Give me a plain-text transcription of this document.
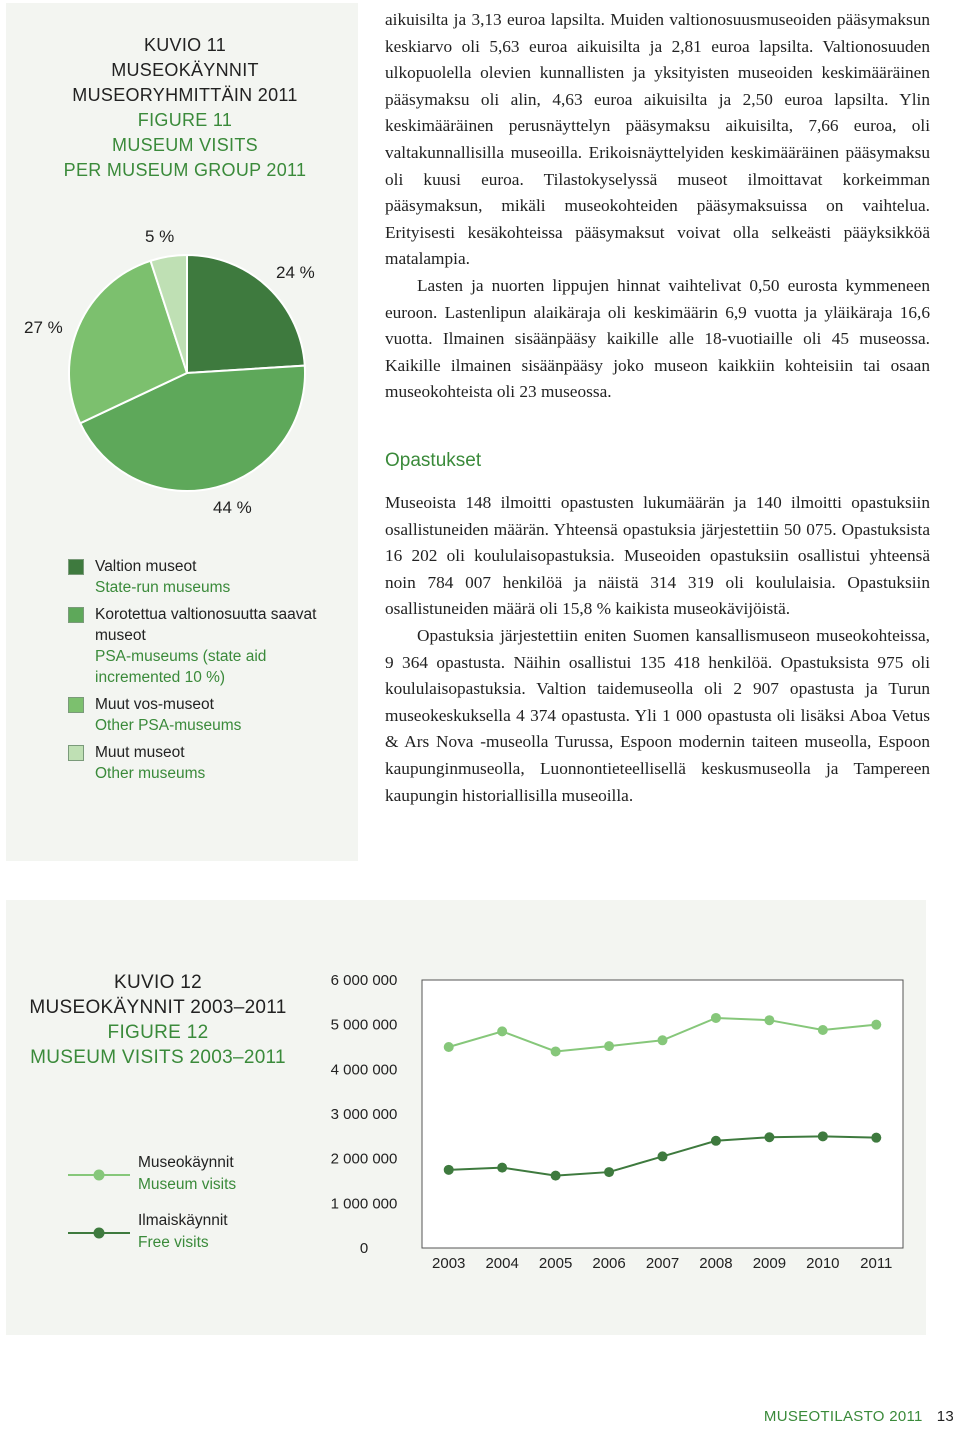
KUVIO 11
MUSEOKÄYNNIT
MUSEORYHMITTÄIN 2011
FIGURE 11
MUSEUM VISITS
PER MUSEUM GROUP 2011
24 %
44 %
27 %
5 %
Valtion museot
State-run museums
Korotettua valtionosuutta saavat museot
PSA-museums (state aid incremented 10 %)
Muut vos-museot
Other PSA-museums
Muut museot
Other museums

aikuisilta ja 3,13 euroa lapsilta. Muiden valtionosuusmuseoiden pääsymaksun keskiarvo oli 5,63 euroa aikuisilta ja 2,81 euroa lapsilta. Valtionosuuden ulkopuolella olevien kunnallisten ja yksityisten museoiden keskimääräinen pääsymaksu oli alin, 4,63 euroa aikuisilta ja 2,50 euroa lapsilta. Ylin keskimääräinen perusnäyttelyn pääsymaksu aikuisilta, 7,66 euroa, oli valtakunnallisilla museoilla. Erikoisnäyttelyiden keskimääräinen pääsymaksu oli kuusi euroa. Tilastokyselyssä museot ilmoittavat korkeimman pääsymaksun, mikäli museokohteiden pääsymaksuissa on vaihtelua. Erityisesti kesäkohteissa pääsymaksut voivat olla selkeästi pääyksikköä matalampia.

Lasten ja nuorten lippujen hinnat vaihtelivat 0,50 eurosta kymmeneen euroon. Lastenlipun alaikäraja oli keskimäärin 6,9 vuotta ja yläikäraja 16,6 vuotta. Ilmainen sisäänpääsy kaikille alle 18-vuotiaille oli 45 museossa. Kaikille ilmainen sisäänpääsy joko museon kaikkiin kohteisiin tai osaan museokohteista oli 23 museossa.

Opastukset

Museoista 148 ilmoitti opastusten lukumäärän ja 140 ilmoitti opastuksiin osallistuneiden määrän. Yhteensä opastuksia järjestettiin 50 075. Opastuksista 16 202 oli koululaisopastuksia. Museoiden opastuksiin osallistui yhteensä noin 784 007 henkilöä ja näistä 314 319 oli koululaisia. Opastuksiin osallistuneiden määrä oli 15,8 % kaikista museokävijöistä.

Opastuksia järjestettiin eniten Suomen kansallismuseon museokohteissa, 9 364 opastusta. Näihin osallistui 135 418 henkilöä. Opastuksista 975 oli koululaisopastuksia. Valtion taidemuseolla oli 2 907 opastusta ja Turun museokeskuksella 4 374 opastusta. Yli 1 000 opastusta oli lisäksi Aboa Vetus & Ars Nova -museolla Turussa, Espoon modernin taiteen museolla, Espoon kaupunginmuseolla, Luonnontieteellisellä keskusmuseolla ja Tampereen kaupungin historiallisilla museoilla.

KUVIO 12
MUSEOKÄYNNIT 2003–2011
FIGURE 12
MUSEUM VISITS 2003–2011
Museokäynnit
Museum visits
Ilmaiskäynnit
Free visits	0
1 000 000
2 000 000
3 000 000
4 000 000
5 000 000
6 000 000
2003 2004 2005 2006 2007 2008 2009 2010 2011
MUSEOTILASTO 2011 13
